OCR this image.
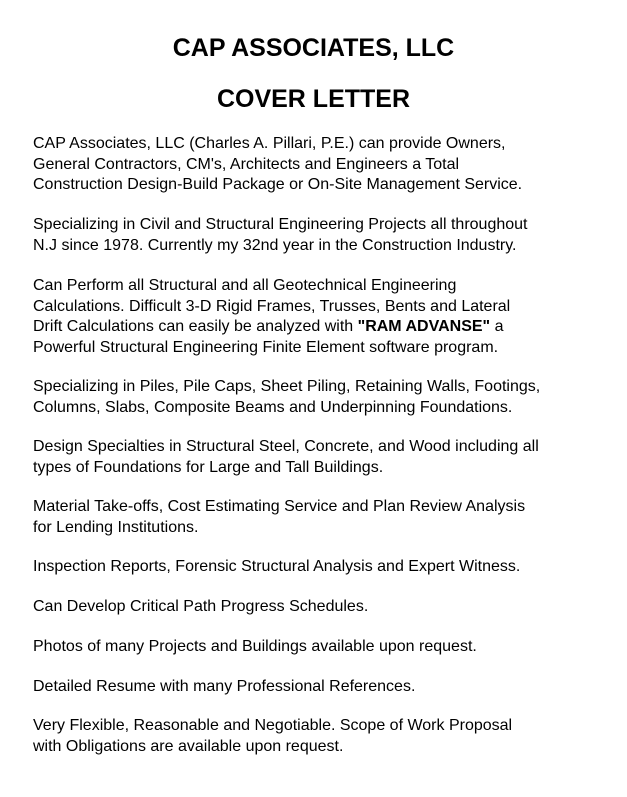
CAP ASSOCIATES, LLC
COVER LETTER

CAP Associates, LLC (Charles A. Pillari, P.E.) can provide Owners,
General Contractors, CM's, Architects and Engineers a Total
Construction Design-Build Package or On-Site Management Service.

Specializing in Civil and Structural Engineering Projects all throughout
N.J since 1978. Currently my 32nd year in the Construction Industry.

Can Perform all Structural and all Geotechnical Engineering
Calculations. Difficult 3-D Rigid Frames, Trusses, Bents and Lateral
Drift Calculations can easily be analyzed with "RAM ADVANSE" a
Powerful Structural Engineering Finite Element software program.

Specializing in Piles, Pile Caps, Sheet Piling, Retaining Walls, Footings,
Columns, Slabs, Composite Beams and Underpinning Foundations.

Design Specialties in Structural Steel, Concrete, and Wood including all
types of Foundations for Large and Tall Buildings.

Material Take-offs, Cost Estimating Service and Plan Review Analysis
for Lending Institutions.

Inspection Reports, Forensic Structural Analysis and Expert Witness.

Can Develop Critical Path Progress Schedules.

Photos of many Projects and Buildings available upon request.

Detailed Resume with many Professional References.

Very Flexible, Reasonable and Negotiable. Scope of Work Proposal
with Obligations are available upon request.
